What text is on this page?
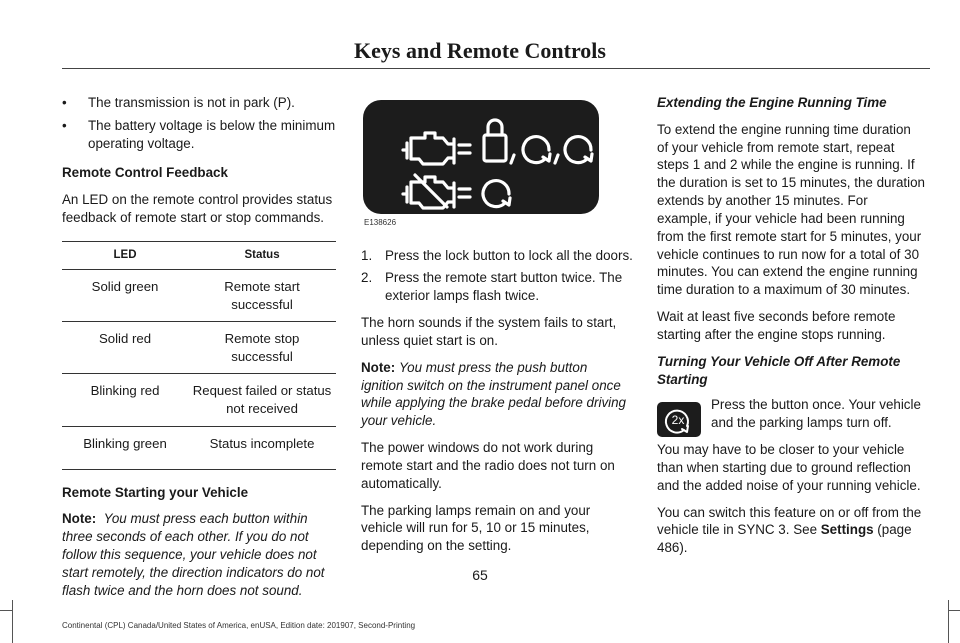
Keys and Remote Controls
•	The transmission is not in park (P).
•	The battery voltage is below the minimum operating voltage.

Remote Control Feedback

An LED on the remote control provides status feedback of remote start or stop commands.

LED	Status
Solid green	Remote start successful
Solid red	Remote stop successful
Blinking red	Request failed or status not received
Blinking green	Status incomplete

Remote Starting your Vehicle

Note: You must press each button within three seconds of each other. If you do not follow this sequence, your vehicle does not start remotely, the direction indicators do not flash twice and the horn does not sound.

E138626
1. Press the lock button to lock all the doors.
2. Press the remote start button twice. The exterior lamps flash twice.

The horn sounds if the system fails to start, unless quiet start is on.

Note: You must press the push button ignition switch on the instrument panel once while applying the brake pedal before driving your vehicle.

The power windows do not work during remote start and the radio does not turn on automatically.

The parking lamps remain on and your vehicle will run for 5, 10 or 15 minutes, depending on the setting.

Extending the Engine Running Time

To extend the engine running time duration of your vehicle from remote start, repeat steps 1 and 2 while the engine is running. If the duration is set to 15 minutes, the duration extends by another 15 minutes. For example, if your vehicle had been running from the first remote start for 5 minutes, your vehicle continues to run now for a total of 30 minutes. You can extend the engine running time duration to a maximum of 30 minutes.

Wait at least five seconds before remote starting after the engine stops running.

Turning Your Vehicle Off After Remote Starting

2x
Press the button once. Your vehicle and the parking lamps turn off.

You may have to be closer to your vehicle than when starting due to ground reflection and the added noise of your running vehicle.

You can switch this feature on or off from the vehicle tile in SYNC 3. See Settings (page 486).

65
Continental (CPL) Canada/United States of America, enUSA, Edition date: 201907, Second-Printing
